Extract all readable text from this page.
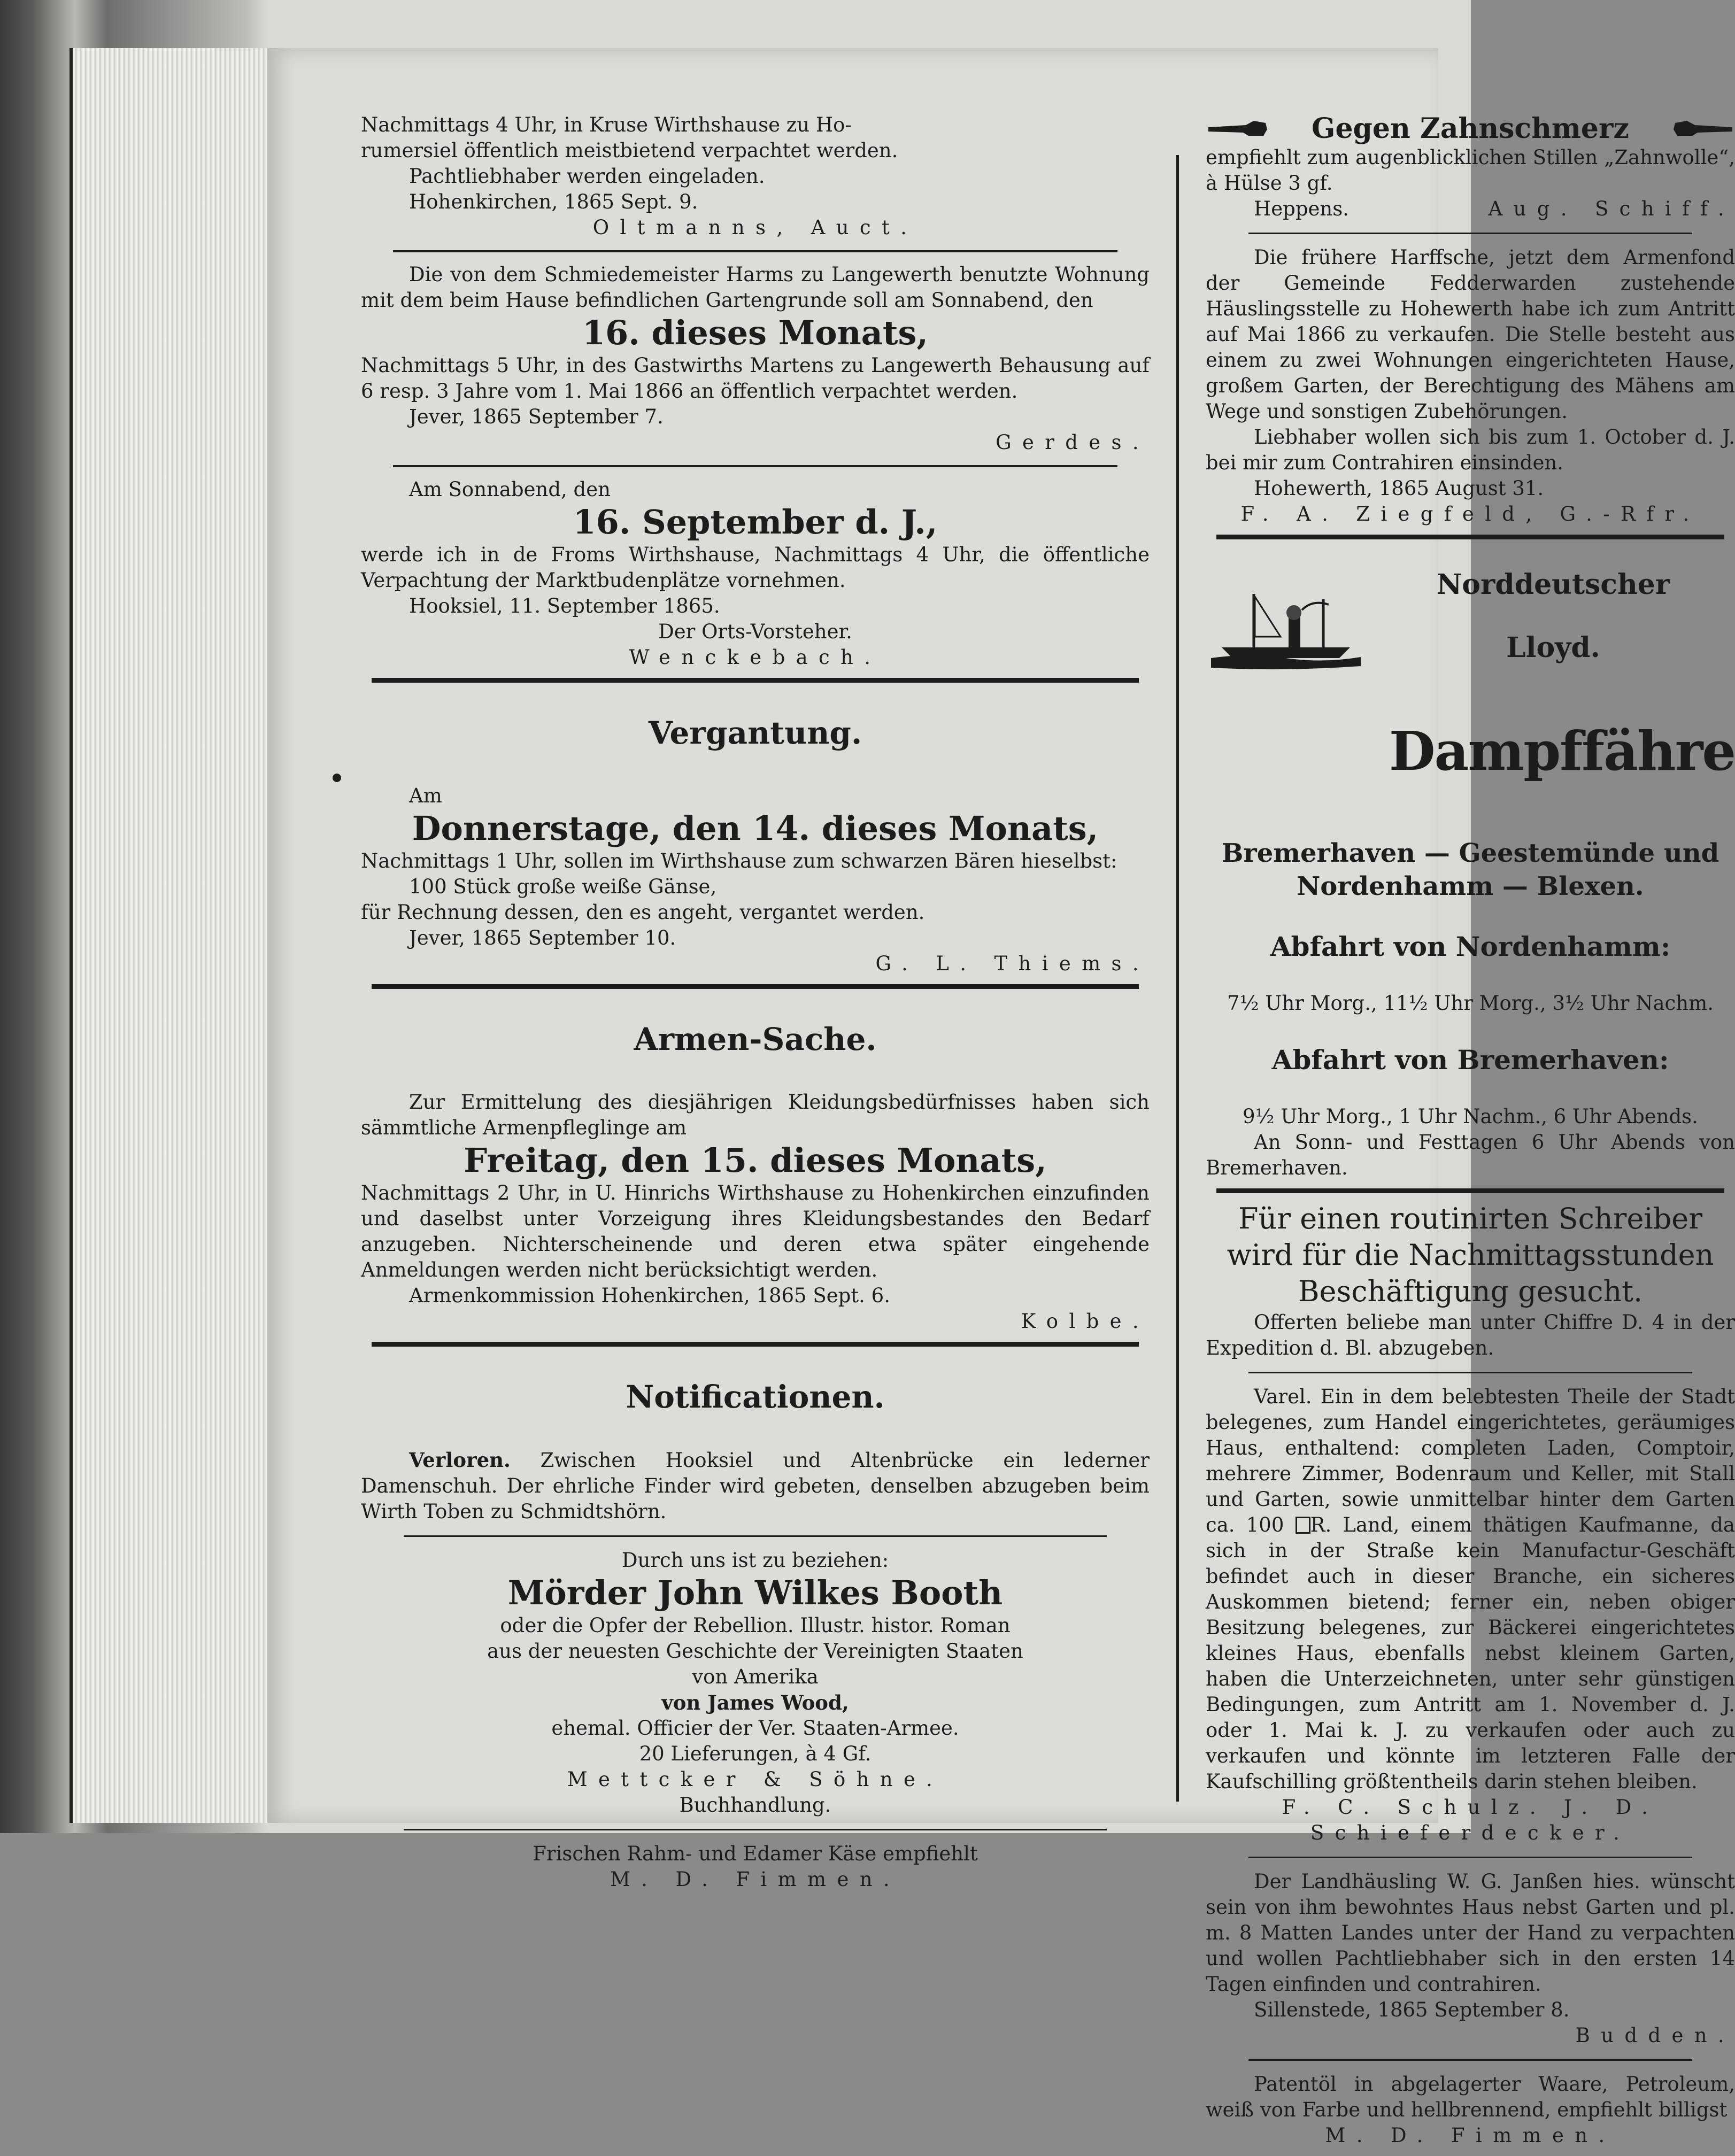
Nachmittags 4 Uhr, in Kruse Wirthshause zu Ho-

rumersiel öffentlich meistbietend verpachtet werden.

Pachtliebhaber werden eingeladen.

Hohenkirchen, 1865 Sept. 9.

Oltmanns, Auct.

Die von dem Schmiedemeister Harms zu Langewerth benutzte Wohnung mit dem beim Hause befindlichen Gartengrunde soll am Sonnabend, den

16. dieses Monats,

Nachmittags 5 Uhr, in des Gastwirths Martens zu Langewerth Behausung auf 6 resp. 3 Jahre vom 1. Mai 1866 an öffentlich verpachtet werden.

Jever, 1865 September 7.

Gerdes.

Am Sonnabend, den

16. September d. J.,

werde ich in de Froms Wirthshause, Nachmittags 4 Uhr, die öffentliche Verpachtung der Marktbudenplätze vornehmen.

Hooksiel, 11. September 1865.

Der Orts-Vorsteher.

Wenckebach.

Vergantung.

Am

Donnerstage, den 14. dieses Monats,

Nachmittags 1 Uhr, sollen im Wirthshause zum schwarzen Bären hieselbst:

100 Stück große weiße Gänse,

für Rechnung dessen, den es angeht, vergantet werden.

Jever, 1865 September 10.

G. L. Thiems.

Armen-Sache.

Zur Ermittelung des diesjährigen Kleidungsbedürfnisses haben sich sämmtliche Armenpfleglinge am

Freitag, den 15. dieses Monats,

Nachmittags 2 Uhr, in U. Hinrichs Wirthshause zu Hohenkirchen einzufinden und daselbst unter Vorzeigung ihres Kleidungsbestandes den Bedarf anzugeben. Nichterscheinende und deren etwa später eingehende Anmeldungen werden nicht berücksichtigt werden.

Armenkommission Hohenkirchen, 1865 Sept. 6.

Kolbe.

Notificationen.

Verloren. Zwischen Hooksiel und Altenbrücke ein lederner Damenschuh. Der ehrliche Finder wird gebeten, denselben abzugeben beim Wirth Toben zu Schmidtshörn.

Durch uns ist zu beziehen:

Mörder John Wilkes Booth

oder die Opfer der Rebellion. Illustr. histor. Roman

aus der neuesten Geschichte der Vereinigten Staaten

von Amerika

von James Wood,

ehemal. Officier der Ver. Staaten-Armee.

20 Lieferungen, à 4 Gf.

Mettcker & Söhne.

Buchhandlung.

Frischen Rahm- und Edamer Käse empfiehlt

M. D. Fimmen.

Gegen Zahnschmerz

empfiehlt zum augenblicklichen Stillen „Zahnwolle“, à Hülse 3 gf.

Heppens.	Aug. Schiff.

Die frühere Harffsche, jetzt dem Armenfond der Gemeinde Fedderwarden zustehende Häuslingsstelle zu Hohewerth habe ich zum Antritt auf Mai 1866 zu verkaufen. Die Stelle besteht aus einem zu zwei Wohnungen eingerichteten Hause, großem Garten, der Berechtigung des Mähens am Wege und sonstigen Zubehörungen.

Liebhaber wollen sich bis zum 1. October d. J. bei mir zum Contrahiren einsinden.

Hohewerth, 1865 August 31.

F. A. Ziegfeld, G.-Rfr.

Norddeutscher

Lloyd.

Dampffähre

Bremerhaven — Geestemünde und Nordenhamm — Blexen.

Abfahrt von Nordenhamm:

7½ Uhr Morg., 11½ Uhr Morg., 3½ Uhr Nachm.

Abfahrt von Bremerhaven:

9½ Uhr Morg., 1 Uhr Nachm., 6 Uhr Abends.

An Sonn- und Festtagen 6 Uhr Abends von Bremerhaven.

Für einen routinirten Schreiber wird für die Nachmittagsstunden Beschäftigung gesucht.

Offerten beliebe man unter Chiffre D. 4 in der Expedition d. Bl. abzugeben.

Varel. Ein in dem belebtesten Theile der Stadt belegenes, zum Handel eingerichtetes, geräumiges Haus, enthaltend: completen Laden, Comptoir, mehrere Zimmer, Bodenraum und Keller, mit Stall und Garten, sowie unmittelbar hinter dem Garten ca. 100 R. Land, einem thätigen Kaufmanne, da sich in der Straße kein Manufactur-Geschäft befindet auch in dieser Branche, ein sicheres Auskommen bietend; ferner ein, neben obiger Besitzung belegenes, zur Bäckerei eingerichtetes kleines Haus, ebenfalls nebst kleinem Garten, haben die Unterzeichneten, unter sehr günstigen Bedingungen, zum Antritt am 1. November d. J. oder 1. Mai k. J. zu verkaufen oder auch zu verkaufen und könnte im letzteren Falle der Kaufschilling größtentheils darin stehen bleiben.

F. C. Schulz. J. D. Schieferdecker.

Der Landhäusling W. G. Janßen hies. wünscht sein von ihm bewohntes Haus nebst Garten und pl. m. 8 Matten Landes unter der Hand zu verpachten und wollen Pachtliebhaber sich in den ersten 14 Tagen einfinden und contrahiren.

Sillenstede, 1865 September 8.

Budden.

Patentöl in abgelagerter Waare, Petroleum, weiß von Farbe und hellbrennend, empfiehlt billigst

M. D. Fimmen.
